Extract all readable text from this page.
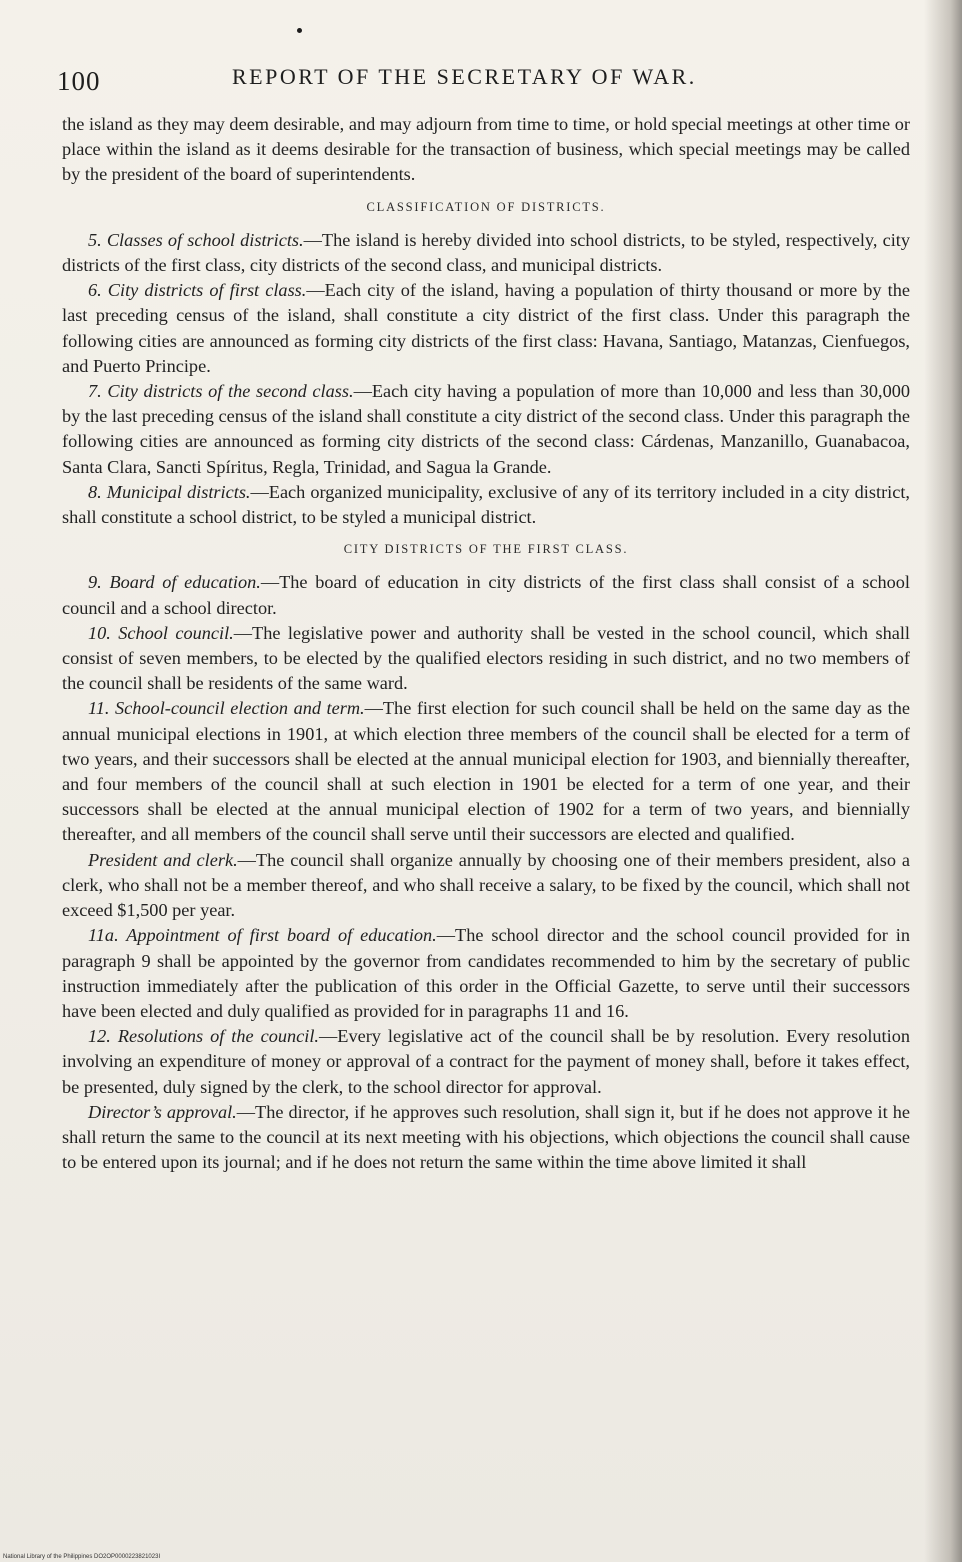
100	REPORT OF THE SECRETARY OF WAR.

the island as they may deem desirable, and may adjourn from time to time, or hold special meetings at other time or place within the island as it deems desirable for the transaction of business, which special meetings may be called by the president of the board of superintendents.

CLASSIFICATION OF DISTRICTS.

5. Classes of school districts.—The island is hereby divided into school districts, to be styled, respectively, city districts of the first class, city districts of the second class, and municipal districts.

6. City districts of first class.—Each city of the island, having a population of thirty thousand or more by the last preceding census of the island, shall constitute a city district of the first class. Under this paragraph the following cities are announced as forming city districts of the first class: Havana, Santiago, Matanzas, Cienfuegos, and Puerto Principe.

7. City districts of the second class.—Each city having a population of more than 10,000 and less than 30,000 by the last preceding census of the island shall constitute a city district of the second class. Under this paragraph the following cities are announced as forming city districts of the second class: Cárdenas, Manzanillo, Guanabacoa, Santa Clara, Sancti Spíritus, Regla, Trinidad, and Sagua la Grande.

8. Municipal districts.—Each organized municipality, exclusive of any of its territory included in a city district, shall constitute a school district, to be styled a municipal district.

CITY DISTRICTS OF THE FIRST CLASS.

9. Board of education.—The board of education in city districts of the first class shall consist of a school council and a school director.

10. School council.—The legislative power and authority shall be vested in the school council, which shall consist of seven members, to be elected by the qualified electors residing in such district, and no two members of the council shall be residents of the same ward.

11. School-council election and term.—The first election for such council shall be held on the same day as the annual municipal elections in 1901, at which election three members of the council shall be elected for a term of two years, and their successors shall be elected at the annual municipal election for 1903, and biennially thereafter, and four members of the council shall at such election in 1901 be elected for a term of one year, and their successors shall be elected at the annual municipal election of 1902 for a term of two years, and biennially thereafter, and all members of the council shall serve until their successors are elected and qualified.

President and clerk.—The council shall organize annually by choosing one of their members president, also a clerk, who shall not be a member thereof, and who shall receive a salary, to be fixed by the council, which shall not exceed $1,500 per year.

11a. Appointment of first board of education.—The school director and the school council provided for in paragraph 9 shall be appointed by the governor from candidates recommended to him by the secretary of public instruction immediately after the publication of this order in the Official Gazette, to serve until their successors have been elected and duly qualified as provided for in paragraphs 11 and 16.

12. Resolutions of the council.—Every legislative act of the council shall be by resolution. Every resolution involving an expenditure of money or approval of a contract for the payment of money shall, before it takes effect, be presented, duly signed by the clerk, to the school director for approval.

Director’s approval.—The director, if he approves such resolution, shall sign it, but if he does not approve it he shall return the same to the council at its next meeting with his objections, which objections the council shall cause to be entered upon its journal; and if he does not return the same within the time above limited it shall

National Library of the Philippines DO2OP0000223821023I
